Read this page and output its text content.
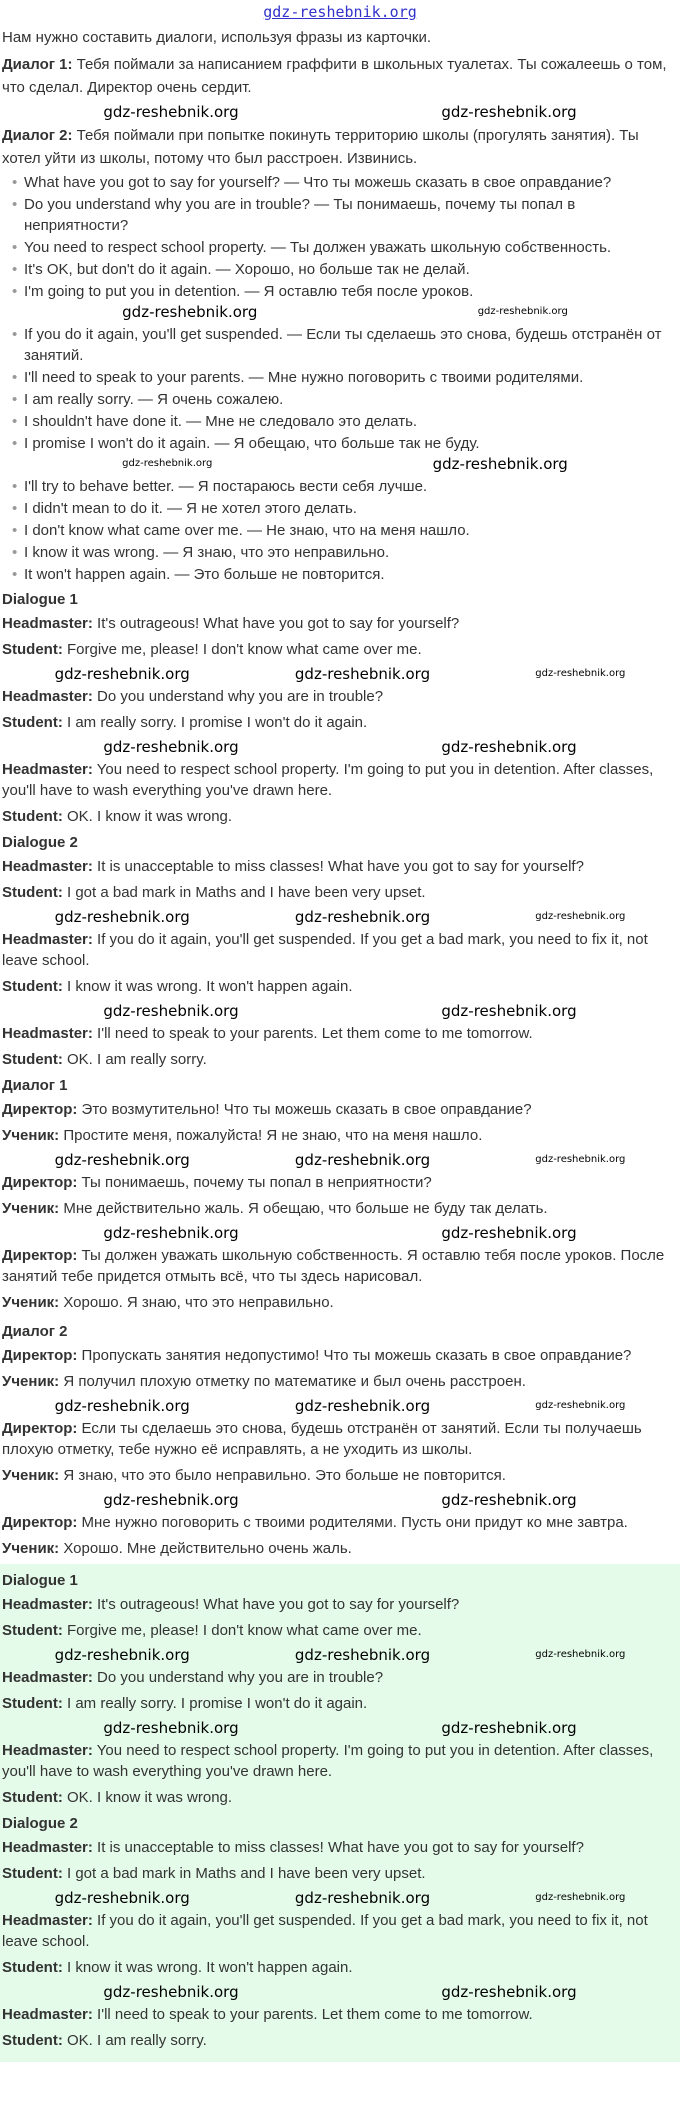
gdz-reshebnik.org

Нам нужно составить диалоги, используя фразы из карточки.

Диалог 1: Тебя поймали за написанием граффити в школьных туалетах. Ты сожалеешь о том, что сделал. Директор очень сердит.

gdz-reshebnik.org	gdz-reshebnik.org

Диалог 2: Тебя поймали при попытке покинуть территорию школы (прогулять занятия). Ты хотел уйти из школы, потому что был расстроен. Извинись.

• What have you got to say for yourself? — Что ты можешь сказать в свое оправдание?
• Do you understand why you are in trouble? — Ты понимаешь, почему ты попал в неприятности?
• You need to respect school property. — Ты должен уважать школьную собственность.
• It's OK, but don't do it again. — Хорошо, но больше так не делай.
• I'm going to put you in detention. — Я оставлю тебя после уроков.
gdz-reshebnik.org	gdz-reshebnik.org
• If you do it again, you'll get suspended. — Если ты сделаешь это снова, будешь отстранён от занятий.
• I'll need to speak to your parents. — Мне нужно поговорить с твоими родителями.
• I am really sorry. — Я очень сожалею.
• I shouldn't have done it. — Мне не следовало это делать.
• I promise I won't do it again. — Я обещаю, что больше так не буду.
gdz-reshebnik.org	gdz-reshebnik.org
• I'll try to behave better. — Я постараюсь вести себя лучше.
• I didn't mean to do it. — Я не хотел этого делать.
• I don't know what came over me. — Не знаю, что на меня нашло.
• I know it was wrong. — Я знаю, что это неправильно.
• It won't happen again. — Это больше не повторится.
Dialogue 1
Headmaster: It's outrageous! What have you got to say for yourself?
Student: Forgive me, please! I don't know what came over me.
gdz-reshebnik.org	gdz-reshebnik.org	gdz-reshebnik.org
Headmaster: Do you understand why you are in trouble?
Student: I am really sorry. I promise I won't do it again.
gdz-reshebnik.org	gdz-reshebnik.org
Headmaster: You need to respect school property. I'm going to put you in detention. After classes, you'll have to wash everything you've drawn here.
Student: OK. I know it was wrong.
Dialogue 2
Headmaster: It is unacceptable to miss classes! What have you got to say for yourself?
Student: I got a bad mark in Maths and I have been very upset.
gdz-reshebnik.org	gdz-reshebnik.org	gdz-reshebnik.org
Headmaster: If you do it again, you'll get suspended. If you get a bad mark, you need to fix it, not leave school.
Student: I know it was wrong. It won't happen again.
gdz-reshebnik.org	gdz-reshebnik.org
Headmaster: I'll need to speak to your parents. Let them come to me tomorrow.
Student: OK. I am really sorry.
Диалог 1
Директор: Это возмутительно! Что ты можешь сказать в свое оправдание?
Ученик: Простите меня, пожалуйста! Я не знаю, что на меня нашло.
gdz-reshebnik.org	gdz-reshebnik.org	gdz-reshebnik.org
Директор: Ты понимаешь, почему ты попал в неприятности?
Ученик: Мне действительно жаль. Я обещаю, что больше не буду так делать.
gdz-reshebnik.org	gdz-reshebnik.org
Директор: Ты должен уважать школьную собственность. Я оставлю тебя после уроков. После занятий тебе придется отмыть всё, что ты здесь нарисовал.
Ученик: Хорошо. Я знаю, что это неправильно.
Диалог 2
Директор: Пропускать занятия недопустимо! Что ты можешь сказать в свое оправдание?
Ученик: Я получил плохую отметку по математике и был очень расстроен.
gdz-reshebnik.org	gdz-reshebnik.org	gdz-reshebnik.org
Директор: Если ты сделаешь это снова, будешь отстранён от занятий. Если ты получаешь плохую отметку, тебе нужно её исправлять, а не уходить из школы.
Ученик: Я знаю, что это было неправильно. Это больше не повторится.
gdz-reshebnik.org	gdz-reshebnik.org
Директор: Мне нужно поговорить с твоими родителями. Пусть они придут ко мне завтра.
Ученик: Хорошо. Мне действительно очень жаль.
Dialogue 1
Headmaster: It's outrageous! What have you got to say for yourself?
Student: Forgive me, please! I don't know what came over me.
gdz-reshebnik.org	gdz-reshebnik.org	gdz-reshebnik.org
Headmaster: Do you understand why you are in trouble?
Student: I am really sorry. I promise I won't do it again.
gdz-reshebnik.org	gdz-reshebnik.org
Headmaster: You need to respect school property. I'm going to put you in detention. After classes, you'll have to wash everything you've drawn here.
Student: OK. I know it was wrong.
Dialogue 2
Headmaster: It is unacceptable to miss classes! What have you got to say for yourself?
Student: I got a bad mark in Maths and I have been very upset.
gdz-reshebnik.org	gdz-reshebnik.org	gdz-reshebnik.org
Headmaster: If you do it again, you'll get suspended. If you get a bad mark, you need to fix it, not leave school.
Student: I know it was wrong. It won't happen again.
gdz-reshebnik.org	gdz-reshebnik.org
Headmaster: I'll need to speak to your parents. Let them come to me tomorrow.
Student: OK. I am really sorry.
